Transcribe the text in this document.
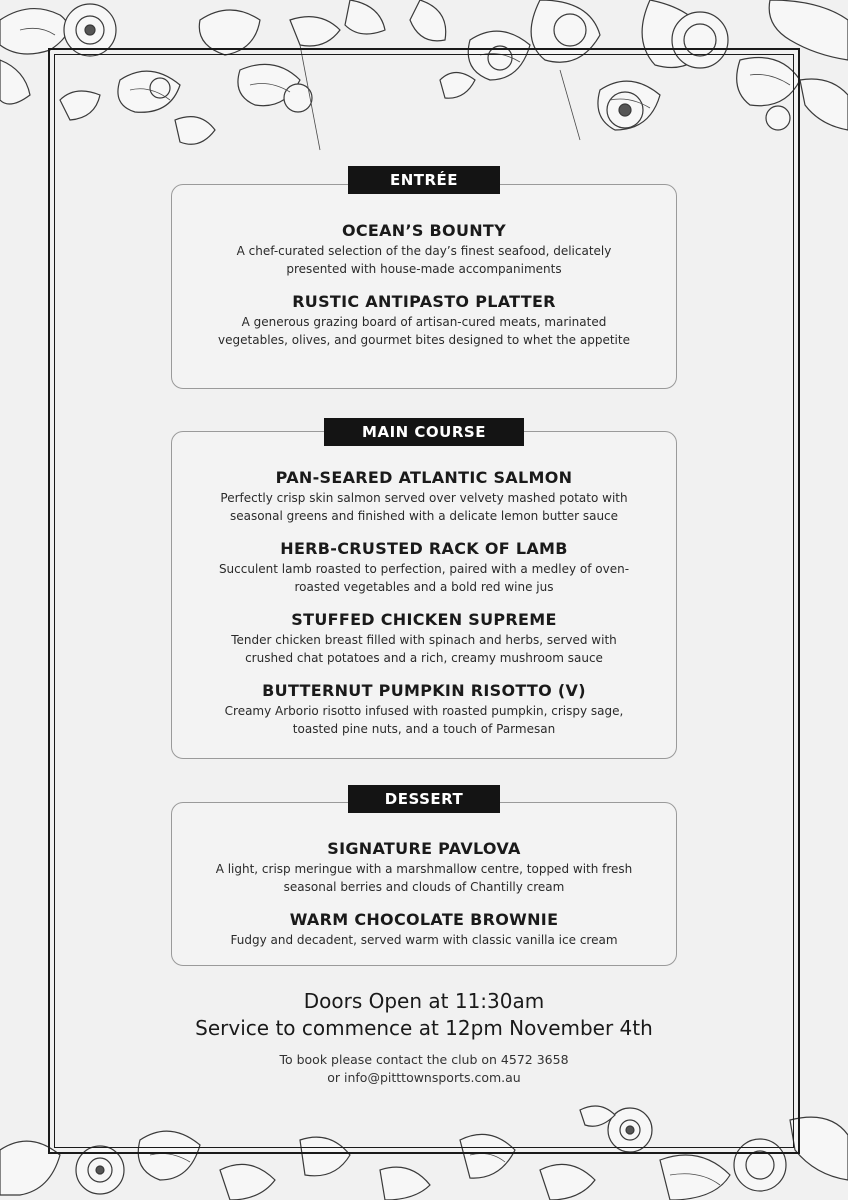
OCEAN’S BOUNTY
A chef-curated selection of the day’s finest seafood, delicately presented with house-made accompaniments
RUSTIC ANTIPASTO PLATTER
A generous grazing board of artisan-cured meats, marinated vegetables, olives, and gourmet bites designed to whet the appetite
ENTRÉE
PAN-SEARED ATLANTIC SALMON
Perfectly crisp skin salmon served over velvety mashed potato with seasonal greens and finished with a delicate lemon butter sauce
HERB-CRUSTED RACK OF LAMB
Succulent lamb roasted to perfection, paired with a medley of oven-roasted vegetables and a bold red wine jus
STUFFED CHICKEN SUPREME
Tender chicken breast filled with spinach and herbs, served with crushed chat potatoes and a rich, creamy mushroom sauce
BUTTERNUT PUMPKIN RISOTTO (V)
Creamy Arborio risotto infused with roasted pumpkin, crispy sage, toasted pine nuts, and a touch of Parmesan
MAIN COURSE
SIGNATURE PAVLOVA
A light, crisp meringue with a marshmallow centre, topped with fresh seasonal berries and clouds of Chantilly cream
WARM CHOCOLATE BROWNIE
Fudgy and decadent, served warm with classic vanilla ice cream
DESSERT
Doors Open at 11:30am
Service to commence at 12pm November 4th
To book please contact the club on 4572 3658
or info@pitttownsports.com.au
